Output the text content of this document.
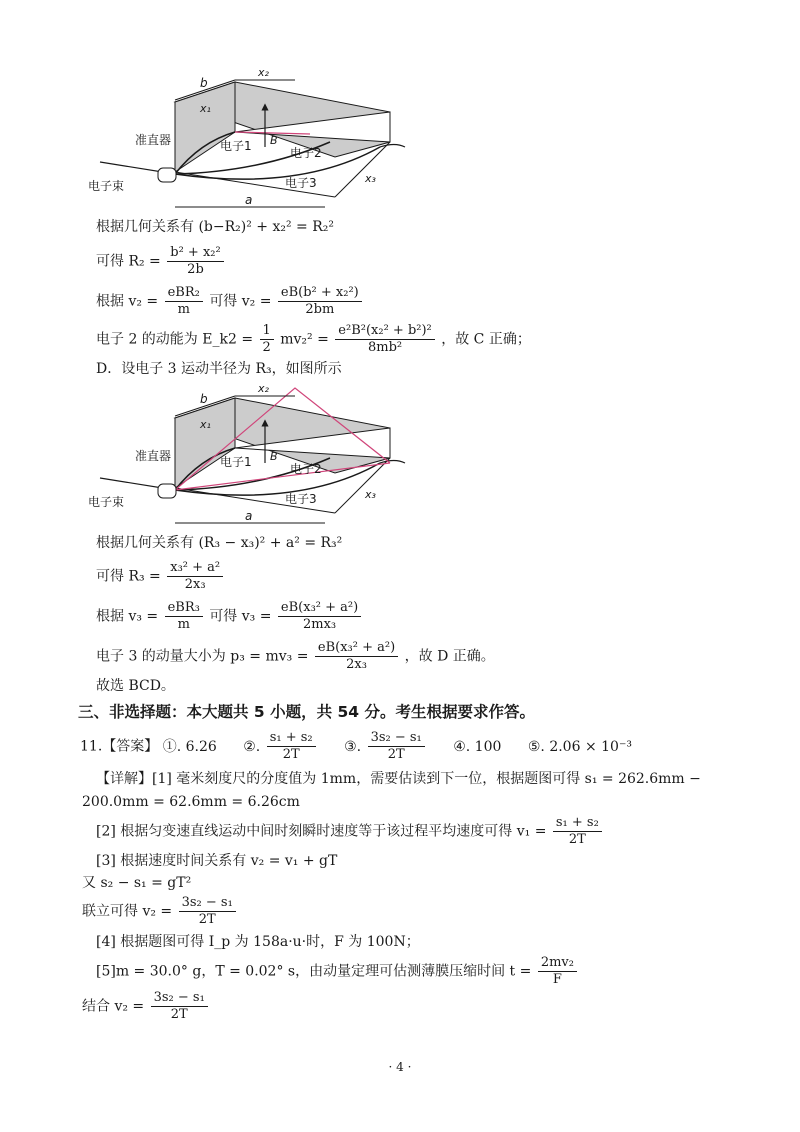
b
x₁
x₂
x₃
a
B
准直器
电子束
电子1	电子2
电子3
根据几何关系有 (b−R₂)² + x₂² = R₂²
可得 $R_2 = \frac{\text{b² + x₂²}}{2b}$
根据 $v_2 = \frac{\text{eBR₂}}{m}$ 可得 $v_2 = \frac{\text{eB(b² + x₂²)}}{2bm}$
电子 2 的动能为 E_k2 = $\frac{1}{2} mv_2^2 = \frac{\text{e²B²(x₂² + b²)²}}{\text{8mb²}}$ ，故 C 正确；
D．设电子 3 运动半径为 R₃，如图所示
b
x₁
x₂
x₃
a
B
准直器
电子束
电子1	电子2
电子3
根据几何关系有 (R₃ − x₃)² + a² = R₃²
可得 $R_3 = \frac{\text{x₃² + a²}}{\text{2x₃}}$
根据 $v_3 = \frac{\text{eBR₃}}{m}$ 可得 $v_3 = \frac{\text{eB(x₃² + a²)}}{\text{2mx₃}}$
电子 3 的动量大小为 $p_3 = mv_3 = \frac{\text{eB(x₃² + a²)}}{\text{2x₃}}$ ，故 D 正确。
故选 BCD。
三、非选择题：本大题共 5 小题，共 54 分。考生根据要求作答。
11.【答案】 ①. 6.26 ②. $\frac{\text{s₁ + s₂}}{2T}$ ③. $\frac{\text{3s₂ − s₁}}{2T}$ ④. 100 ⑤. 2.06 × 10⁻³
【详解】[1] 毫米刻度尺的分度值为 1mm，需要估读到下一位，根据题图可得 s₁ = 262.6mm −
200.0mm = 62.6mm = 6.26cm
[2] 根据匀变速直线运动中间时刻瞬时速度等于该过程平均速度可得 $v_1 = \frac{\text{s₁ + s₂}}{2T}$
[3] 根据速度时间关系有 v₂ = v₁ + gT
又 s₂ − s₁ = gT²
联立可得 $v_2 = \frac{\text{3s₂ − s₁}}{2T}$
[4] 根据题图可得 I_p 为 158a·u·时，F 为 100N；
[5]m = 30.0° g，T = 0.02° s，由动量定理可估测薄膜压缩时间 $t = \frac{\text{2mv₂}}{F}$
结合 $v_2 = \frac{\text{3s₂ − s₁}}{2T}$
· 4 ·
